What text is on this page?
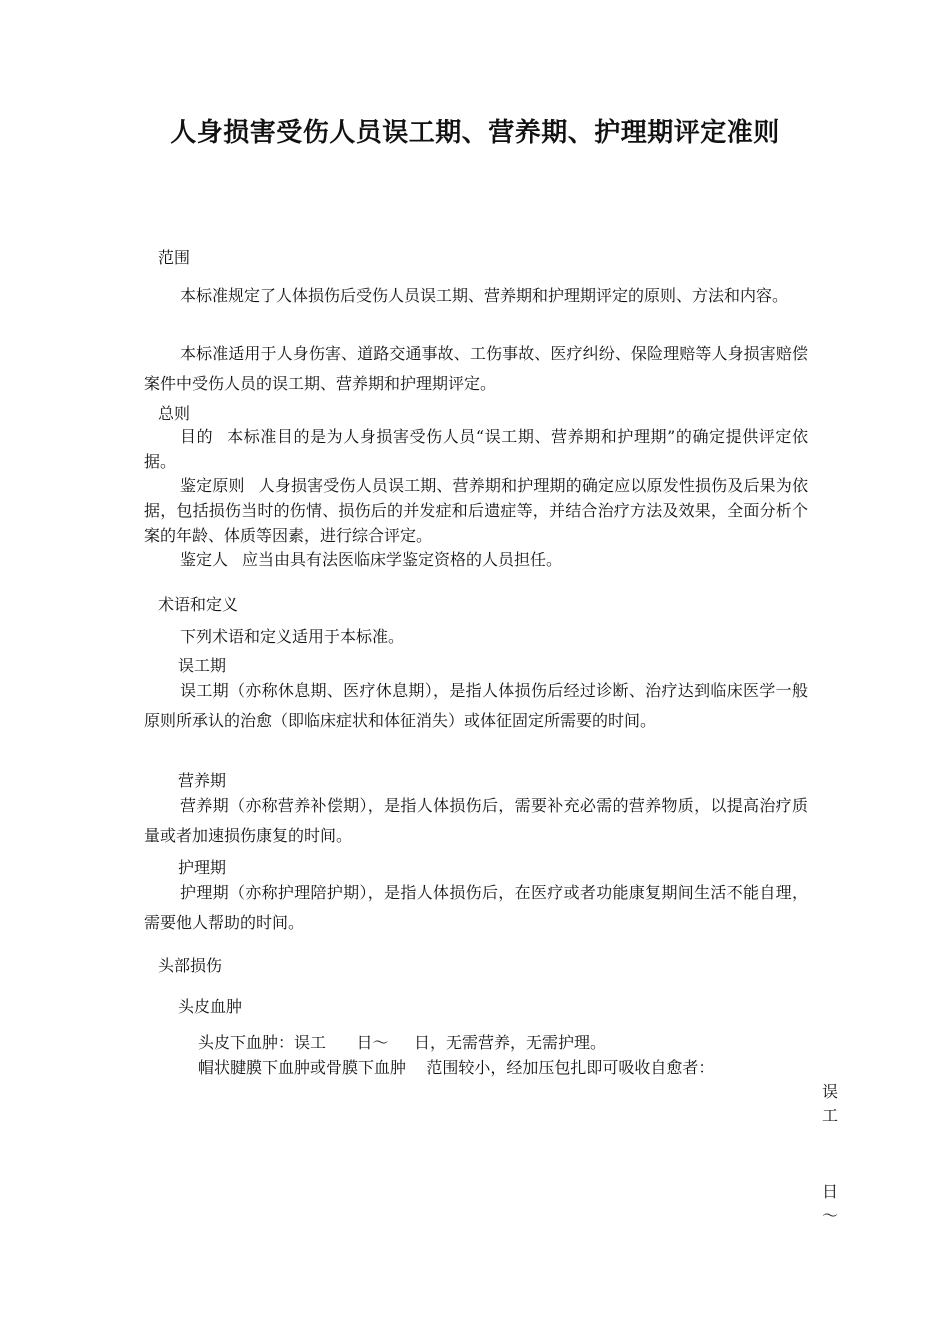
人身损害受伤人员误工期、营养期、护理期评定准则
范围
本标准规定了人体损伤后受伤人员误工期、营养期和护理期评定的原则、方法和内容。
本标准适用于人身伤害、道路交通事故、工伤事故、医疗纠纷、保险理赔等人身损害赔偿案件中受伤人员的误工期、营养期和护理期评定。
总则
目的 本标准目的是为人身损害受伤人员“误工期、营养期和护理期”的确定提供评定依据。
鉴定原则 人身损害受伤人员误工期、营养期和护理期的确定应以原发性损伤及后果为依据，包括损伤当时的伤情、损伤后的并发症和后遗症等，并结合治疗方法及效果，全面分析个案的年龄、体质等因素，进行综合评定。
鉴定人 应当由具有法医临床学鉴定资格的人员担任。
术语和定义
下列术语和定义适用于本标准。
误工期
误工期（亦称休息期、医疗休息期），是指人体损伤后经过诊断、治疗达到临床医学一般原则所承认的治愈（即临床症状和体征消失）或体征固定所需要的时间。
营养期
营养期（亦称营养补偿期），是指人体损伤后，需要补充必需的营养物质，以提高治疗质量或者加速损伤康复的时间。
护理期
护理期（亦称护理陪护期），是指人体损伤后，在医疗或者功能康复期间生活不能自理，需要他人帮助的时间。
头部损伤
头皮血肿
头皮下血肿：误工      日～     日，无需营养，无需护理。
帽状腱膜下血肿或骨膜下血肿    范围较小，经加压包扎即可吸收自愈者：
误
工
日
～
